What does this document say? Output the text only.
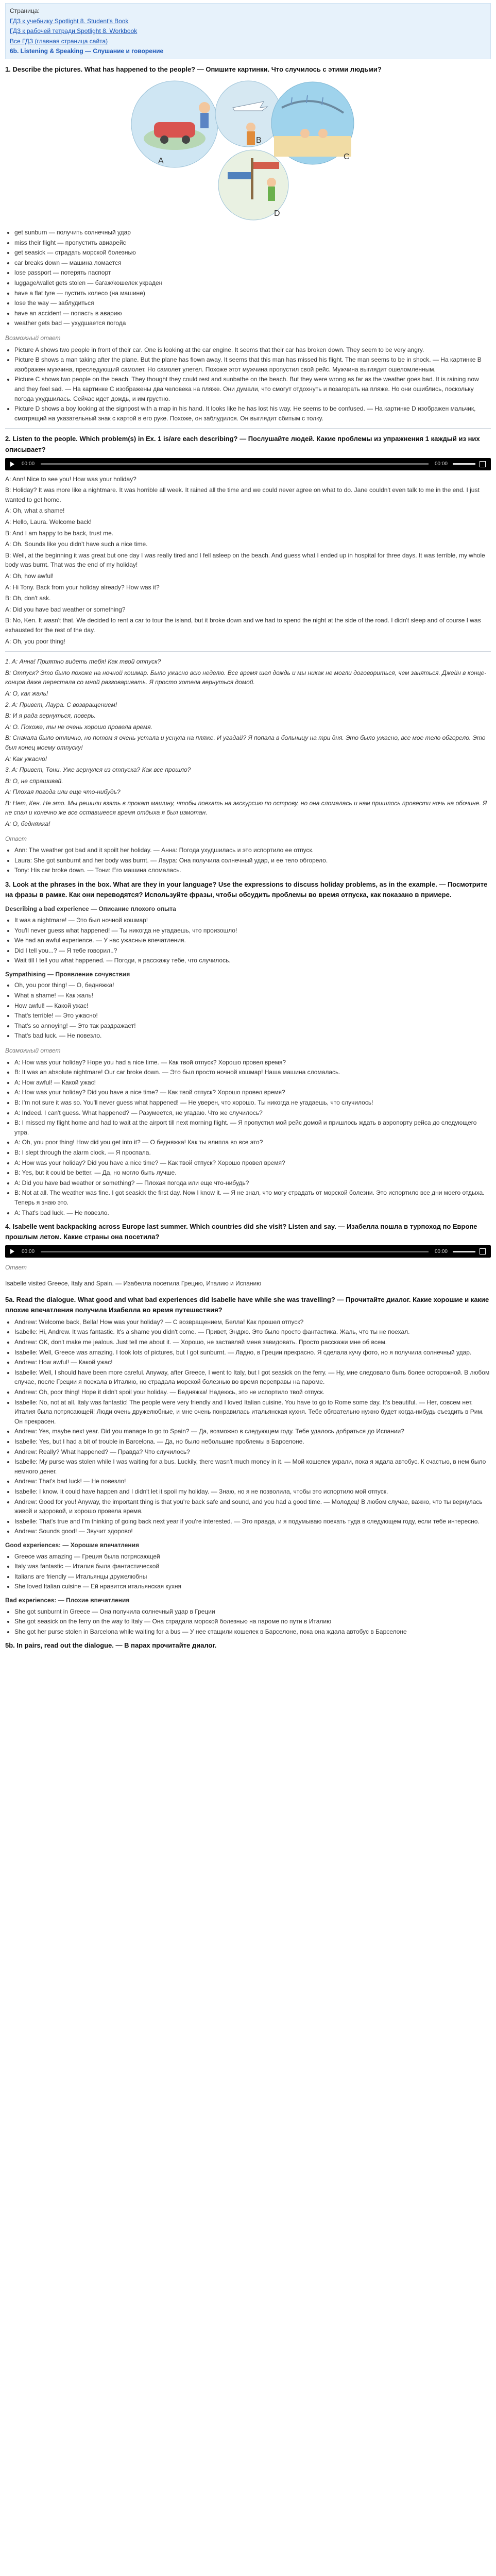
Страница:
ГДЗ к учебнику Spotlight 8. Student's Book
ГДЗ к рабочей тетради Spotlight 8. Workbook
Все ГДЗ (главная страница сайта)
6b. Listening & Speaking — Слушание и говорение
1. Describe the pictures. What has happened to the people? — Опишите картинки. Что случилось с этими людьми?
A
B
C
D
• get sunburn — получить солнечный удар
• miss their flight — пропустить авиарейс
• get seasick — страдать морской болезнью
• car breaks down — машина ломается
• lose passport — потерять паспорт
• luggage/wallet gets stolen — багаж/кошелек украден
• have a flat tyre — пустить колесо (на машине)
• lose the way — заблудиться
• have an accident — попасть в аварию
• weather gets bad — ухудшается погода
Возможный ответ
• Picture A shows two people in front of their car. One is looking at the car engine. It seems that their car has broken down. They seem to be very angry.
• Picture B shows a man taking after the plane. But the plane has flown away. It seems that this man has missed his flight. The man seems to be in shock. — На картинке B изображен мужчина, преследующий самолет. Но самолет улетел. Похоже этот мужчина пропустил свой рейс. Мужчина выглядит ошеломленным.
• Picture C shows two people on the beach. They thought they could rest and sunbathe on the beach. But they were wrong as far as the weather goes bad. It is raining now and they feel sad. — На картинке C изображены два человека на пляже. Они думали, что смогут отдохнуть и позагорать на пляже. Но они ошиблись, поскольку погода ухудшилась. Сейчас идет дождь, и им грустно.
• Picture D shows a boy looking at the signpost with a map in his hand. It looks like he has lost his way. He seems to be confused. — На картинке D изображен мальчик, смотрящий на указательный знак с картой в его руке. Похоже, он заблудился. Он выглядит сбитым с толку.
2. Listen to the people. Which problem(s) in Ex. 1 is/are each describing? — Послушайте людей. Какие проблемы из упражнения 1 каждый из них описывает?
00:00	00:00

A: Ann! Nice to see you! How was your holiday?

B: Holiday? It was more like a nightmare. It was horrible all week. It rained all the time and we could never agree on what to do. Jane couldn't even talk to me in the end. I just wanted to get home.

A: Oh, what a shame!

A: Hello, Laura. Welcome back!

B: And I am happy to be back, trust me.

A: Oh. Sounds like you didn't have such a nice time.

B: Well, at the beginning it was great but one day I was really tired and I fell asleep on the beach. And guess what I ended up in hospital for three days. It was terrible, my whole body was burnt. That was the end of my holiday!

A: Oh, how awful!

A: Hi Tony. Back from your holiday already? How was it?

B: Oh, don't ask.

A: Did you have bad weather or something?

B: No, Ken. It wasn't that. We decided to rent a car to tour the island, but it broke down and we had to spend the night at the side of the road. I didn't sleep and of course I was exhausted for the rest of the day.

A: Oh, you poor thing!

1. A: Анна! Приятно видеть тебя! Как твой отпуск?

B: Отпуск? Это было похоже на ночной кошмар. Было ужасно всю неделю. Все время шел дождь и мы никак не могли договориться, чем заняться. Джейн в конце-концов даже перестала со мной разговаривать. Я просто хотела вернуться домой.

A: О, как жаль!

2. A: Привет, Лаура. С возвращением!

B: И я рада вернуться, поверь.

A: О. Похоже, ты не очень хорошо провела время.

B: Сначала было отлично, но потом я очень устала и уснула на пляже. И угадай? Я попала в больницу на три дня. Это было ужасно, все мое тело обгорело. Это был конец моему отпуску!

A: Как ужасно!

3. A: Привет, Тони. Уже вернулся из отпуска? Как все прошло?

B: О, не спрашивай.

A: Плохая погода или еще что-нибудь?

B: Нет, Кен. Не это. Мы решили взять в прокат машину, чтобы поехать на экскурсию по острову, но она сломалась и нам пришлось провести ночь на обочине. Я не спал и конечно же все оставшееся время отдыха я был измотан.

A: О, бедняжка!

Ответ
• Ann: The weather got bad and it spoilt her holiday. — Анна: Погода ухудшилась и это испортило ее отпуск.
• Laura: She got sunburnt and her body was burnt. — Лаура: Она получила солнечный удар, и ее тело обгорело.
• Tony: His car broke down. — Тони: Его машина сломалась.
3. Look at the phrases in the box. What are they in your language? Use the expressions to discuss holiday problems, as in the example. — Посмотрите на фразы в рамке. Как они переводятся? Используйте фразы, чтобы обсудить проблемы во время отпуска, как показано в примере.
Describing a bad experience — Описание плохого опыта
• It was a nightmare! — Это был ночной кошмар!
• You'll never guess what happened! — Ты никогда не угадаешь, что произошло!
• We had an awful experience. — У нас ужасные впечатления.
• Did I tell you...? — Я тебе говорил..?
• Wait till I tell you what happened. — Погоди, я расскажу тебе, что случилось.
Sympathising — Проявление сочувствия
• Oh, you poor thing! — О, бедняжка!
• What a shame! — Как жаль!
• How awful! — Какой ужас!
• That's terrible! — Это ужасно!
• That's so annoying! — Это так раздражает!
• That's bad luck. — Не повезло.
Возможный ответ
• A: How was your holiday? Hope you had a nice time. — Как твой отпуск? Хорошо провел время?
• B: It was an absolute nightmare! Our car broke down. — Это был просто ночной кошмар! Наша машина сломалась.
• A: How awful! — Какой ужас!
• A: How was your holiday? Did you have a nice time? — Как твой отпуск? Хорошо провел время?
• B: I'm not sure it was so. You'll never guess what happened! — Не уверен, что хорошо. Ты никогда не угадаешь, что случилось!
• A: Indeed. I can't guess. What happened? — Разумеется, не угадаю. Что же случилось?
• B: I missed my flight home and had to wait at the airport till next morning flight. — Я пропустил мой рейс домой и пришлось ждать в аэропорту рейса до следующего утра.
• A: Oh, you poor thing! How did you get into it? — О бедняжка! Как ты влипла во все это?
• B: I slept through the alarm clock. — Я проспала.
• A: How was your holiday? Did you have a nice time? — Как твой отпуск? Хорошо провел время?
• B: Yes, but it could be better. — Да, но могло быть лучше.
• A: Did you have bad weather or something? — Плохая погода или еще что-нибудь?
• B: Not at all. The weather was fine. I got seasick the first day. Now I know it. — Я не знал, что могу страдать от морской болезни. Это испортило все дни моего отдыха. Теперь я знаю это.
• A: That's bad luck. — Не повезло.
4. Isabelle went backpacking across Europe last summer. Which countries did she visit? Listen and say. — Изабелла пошла в турпоход по Европе прошлым летом. Какие страны она посетила?
00:00	00:00
Ответ

Isabelle visited Greece, Italy and Spain. — Изабелла посетила Грецию, Италию и Испанию

5a. Read the dialogue. What good and what bad experiences did Isabelle have while she was travelling? — Прочитайте диалог. Какие хорошие и какие плохие впечатления получила Изабелла во время путешествия?
• Andrew: Welcome back, Bella! How was your holiday? — С возвращением, Белла! Как прошел отпуск?
• Isabelle: Hi, Andrew. It was fantastic. It's a shame you didn't come. — Привет, Эндрю. Это было просто фантастика. Жаль, что ты не поехал.
• Andrew: OK, don't make me jealous. Just tell me about it. — Хорошо, не заставляй меня завидовать. Просто расскажи мне об всем.
• Isabelle: Well, Greece was amazing. I took lots of pictures, but I got sunburnt. — Ладно, в Греции прекрасно. Я сделала кучу фото, но я получила солнечный удар.
• Andrew: How awful! — Какой ужас!
• Isabelle: Well, I should have been more careful. Anyway, after Greece, I went to Italy, but I got seasick on the ferry. — Ну, мне следовало быть более осторожной. В любом случае, после Греции я поехала в Италию, но страдала морской болезнью во время переправы на пароме.
• Andrew: Oh, poor thing! Hope it didn't spoil your holiday. — Бедняжка! Надеюсь, это не испортило твой отпуск.
• Isabelle: No, not at all. Italy was fantastic! The people were very friendly and I loved Italian cuisine. You have to go to Rome some day. It's beautiful. — Нет, совсем нет. Италия была потрясающей! Люди очень дружелюбные, и мне очень понравилась итальянская кухня. Тебе обязательно нужно будет когда-нибудь съездить в Рим. Он прекрасен.
• Andrew: Yes, maybe next year. Did you manage to go to Spain? — Да, возможно в следующем году. Тебе удалось добраться до Испании?
• Isabelle: Yes, but I had a bit of trouble in Barcelona. — Да, но было небольшие проблемы в Барселоне.
• Andrew: Really? What happened? — Правда? Что случилось?
• Isabelle: My purse was stolen while I was waiting for a bus. Luckily, there wasn't much money in it. — Мой кошелек украли, пока я ждала автобус. К счастью, в нем было немного денег.
• Andrew: That's bad luck! — Не повезло!
• Isabelle: I know. It could have happen and I didn't let it spoil my holiday. — Знаю, но я не позволила, чтобы это испортило мой отпуск.
• Andrew: Good for you! Anyway, the important thing is that you're back safe and sound, and you had a good time. — Молодец! В любом случае, важно, что ты вернулась живой и здоровой, и хорошо провела время.
• Isabelle: That's true and I'm thinking of going back next year if you're interested. — Это правда, и я подумываю поехать туда в следующем году, если тебе интересно.
• Andrew: Sounds good! — Звучит здорово!
Good experiences: — Хорошие впечатления
• Greece was amazing — Греция была потрясающей
• Italy was fantastic — Италия была фантастической
• Italians are friendly — Итальянцы дружелюбны
• She loved Italian cuisine — Ей нравится итальянская кухня
Bad experiences: — Плохие впечатления
• She got sunburnt in Greece — Она получила солнечный удар в Греции
• She got seasick on the ferry on the way to Italy — Она страдала морской болезнью на пароме по пути в Италию
• She got her purse stolen in Barcelona while waiting for a bus — У нее стащили кошелек в Барселоне, пока она ждала автобус в Барселоне
5b. In pairs, read out the dialogue. — В парах прочитайте диалог.
